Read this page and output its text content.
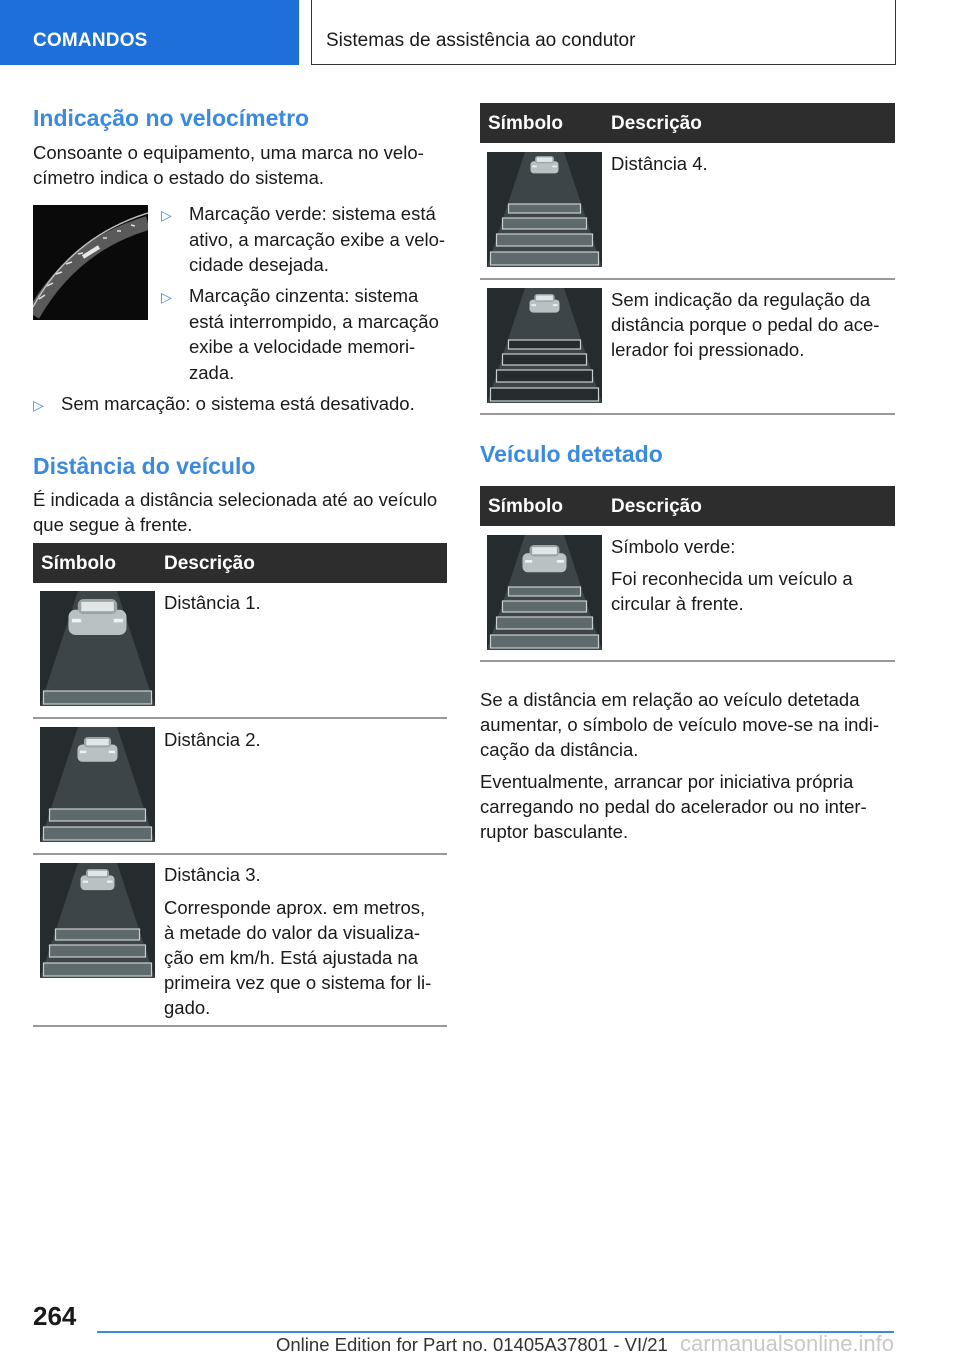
COMANDOS	Sistemas de assistência ao condutor
Indicação no velocímetro
Consoante o equipamento, uma marca no velo-
címetro indica o estado do sistema.
▷ Marcação verde: sistema está
ativo, a marcação exibe a velo-
cidade desejada.
▷ Marcação cinzenta: sistema
está interrompido, a marcação
exibe a velocidade memori-
zada.
▷ Sem marcação: o sistema está desativado.
Distância do veículo
É indicada a distância selecionada até ao veículo
que segue à frente.
Símbolo	Descrição
Distância 1.
Distância 2.
Distância 3.
Corresponde aprox. em metros,
à metade do valor da visualiza-
ção em km/h. Está ajustada na
primeira vez que o sistema for li-
gado.
Símbolo	Descrição
Distância 4.
Sem indicação da regulação da
distância porque o pedal do ace-
lerador foi pressionado.
Veículo detetado
Símbolo	Descrição
Símbolo verde:
Foi reconhecida um veículo a
circular à frente.
Se a distância em relação ao veículo detetada
aumentar, o símbolo de veículo move-se na indi-
cação da distância.
Eventualmente, arrancar por iniciativa própria
carregando no pedal do acelerador ou no inter-
ruptor basculante.
264
Online Edition for Part no. 01405A37801 - VI/21 carmanualsonline.info
